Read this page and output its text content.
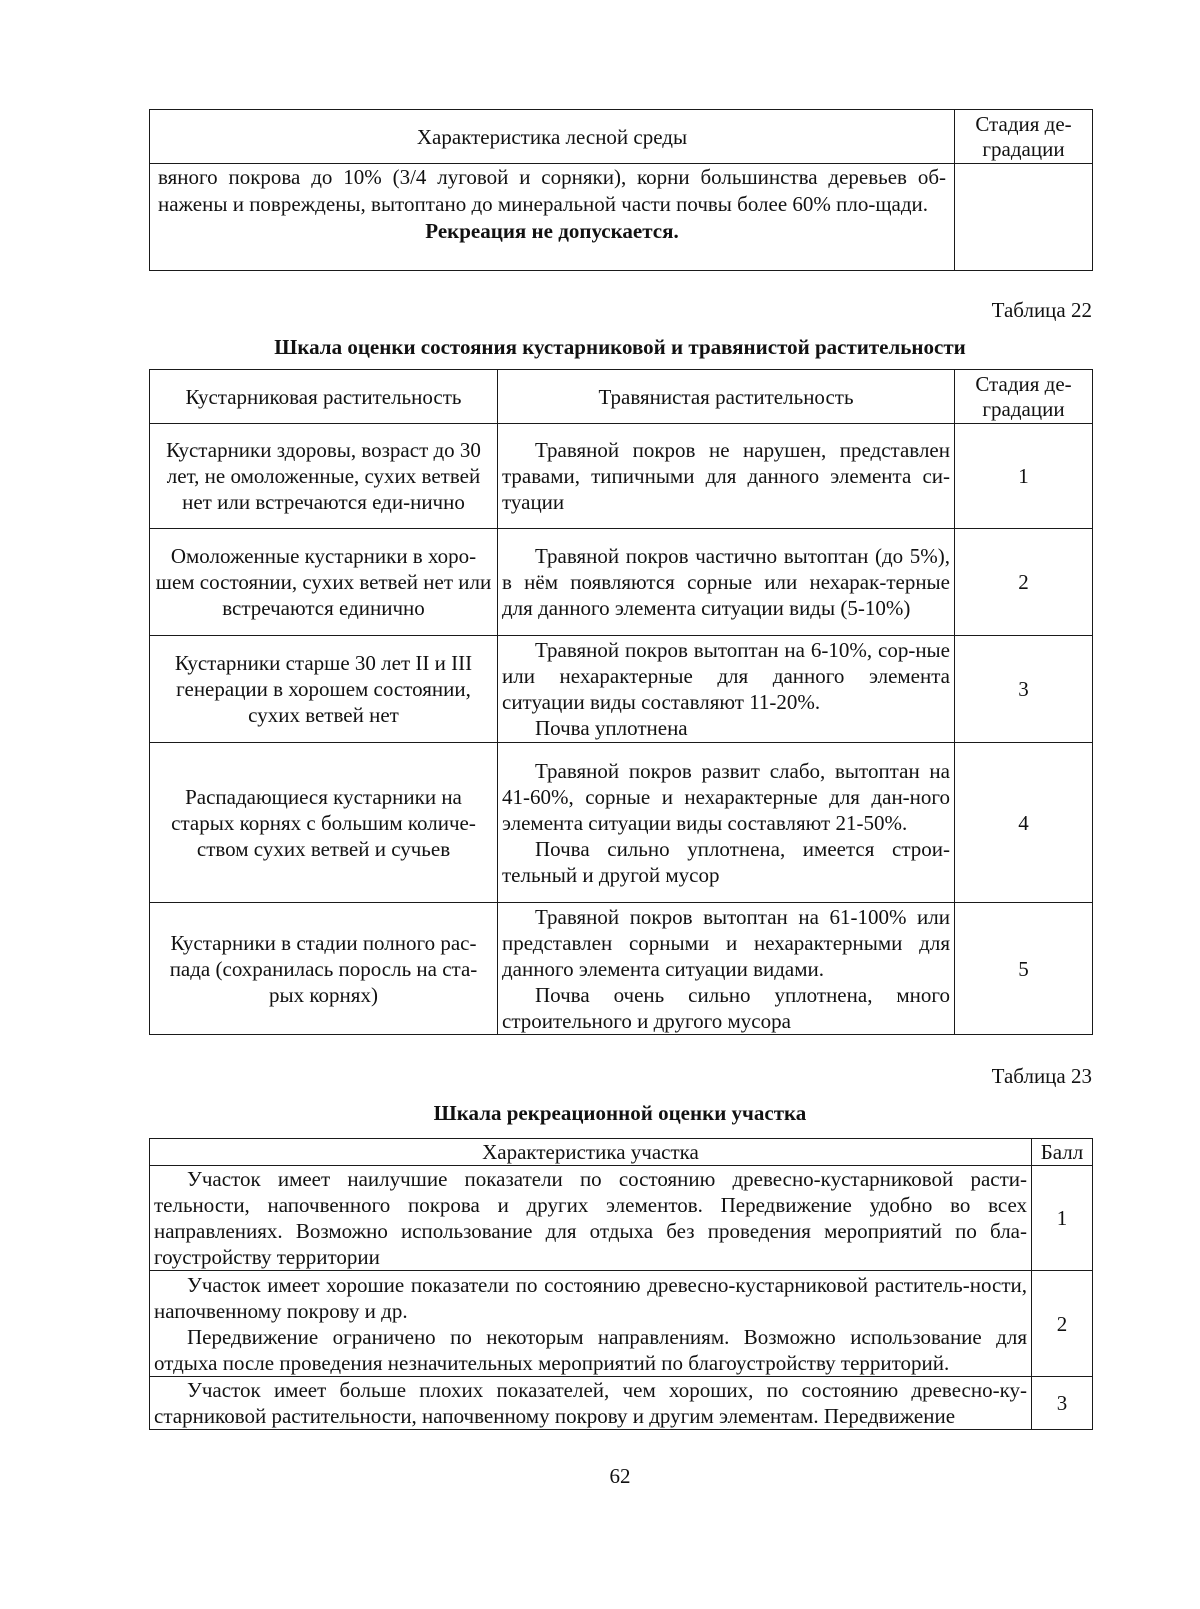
Характеристика лесной среды	Стадия де-
градации

вяного покрова до 10% (3/4 луговой и сорняки), корни большинства деревьев об-нажены и повреждены, вытоптано до минеральной части почвы более 60% пло-щади.
Рекреация не допускается.	

Таблица 22
Шкала оценки состояния кустарниковой и травянистой растительности
Кустарниковая растительность	Травянистая растительность	Стадия де-
градации
Кустарники здоровы, возраст до 30 лет, не омоложенные, сухих ветвей нет или встречаются еди-нично	Травяной покров не нарушен, представлен травами, типичными для данного элемента си-туации	1
Омоложенные кустарники в хоро-шем состоянии, сухих ветвей нет или встречаются единично	Травяной покров частично вытоптан (до 5%), в нём появляются сорные или нехарак-терные для данного элемента ситуации виды (5-10%)	2
Кустарники старше 30 лет II и III генерации в хорошем состоянии, сухих ветвей нет	Травяной покров вытоптан на 6-10%, сор-ные или нехарактерные для данного элемента ситуации виды составляют 11-20%.
Почва уплотнена	3
Распадающиеся кустарники на старых корнях с большим количе-ством сухих ветвей и сучьев	Травяной покров развит слабо, вытоптан на 41-60%, сорные и нехарактерные для дан-ного элемента ситуации виды составляют 21-50%.
Почва сильно уплотнена, имеется строи-тельный и другой мусор	4
Кустарники в стадии полного рас-пада (сохранилась поросль на ста-рых корнях)	Травяной покров вытоптан на 61-100% или представлен сорными и нехарактерными для данного элемента ситуации видами.
Почва очень сильно уплотнена, много строительного и другого мусора	5
Таблица 23
Шкала рекреационной оценки участка
Характеристика участка	Балл

Участок имеет наилучшие показатели по состоянию древесно-кустарниковой расти-тельности, напочвенного покрова и других элементов. Передвижение удобно во всех направлениях. Возможно использование для отдыха без проведения мероприятий по бла-гоустройству территории	1

Участок имеет хорошие показатели по состоянию древесно-кустарниковой раститель-ности, напочвенному покрову и др.
Передвижение ограничено по некоторым направлениям. Возможно использование для отдыха после проведения незначительных мероприятий по благоустройству территорий.	2

Участок имеет больше плохих показателей, чем хороших, по состоянию древесно-ку-старниковой растительности, напочвенному покрову и другим элементам. Передвижение	3
62
